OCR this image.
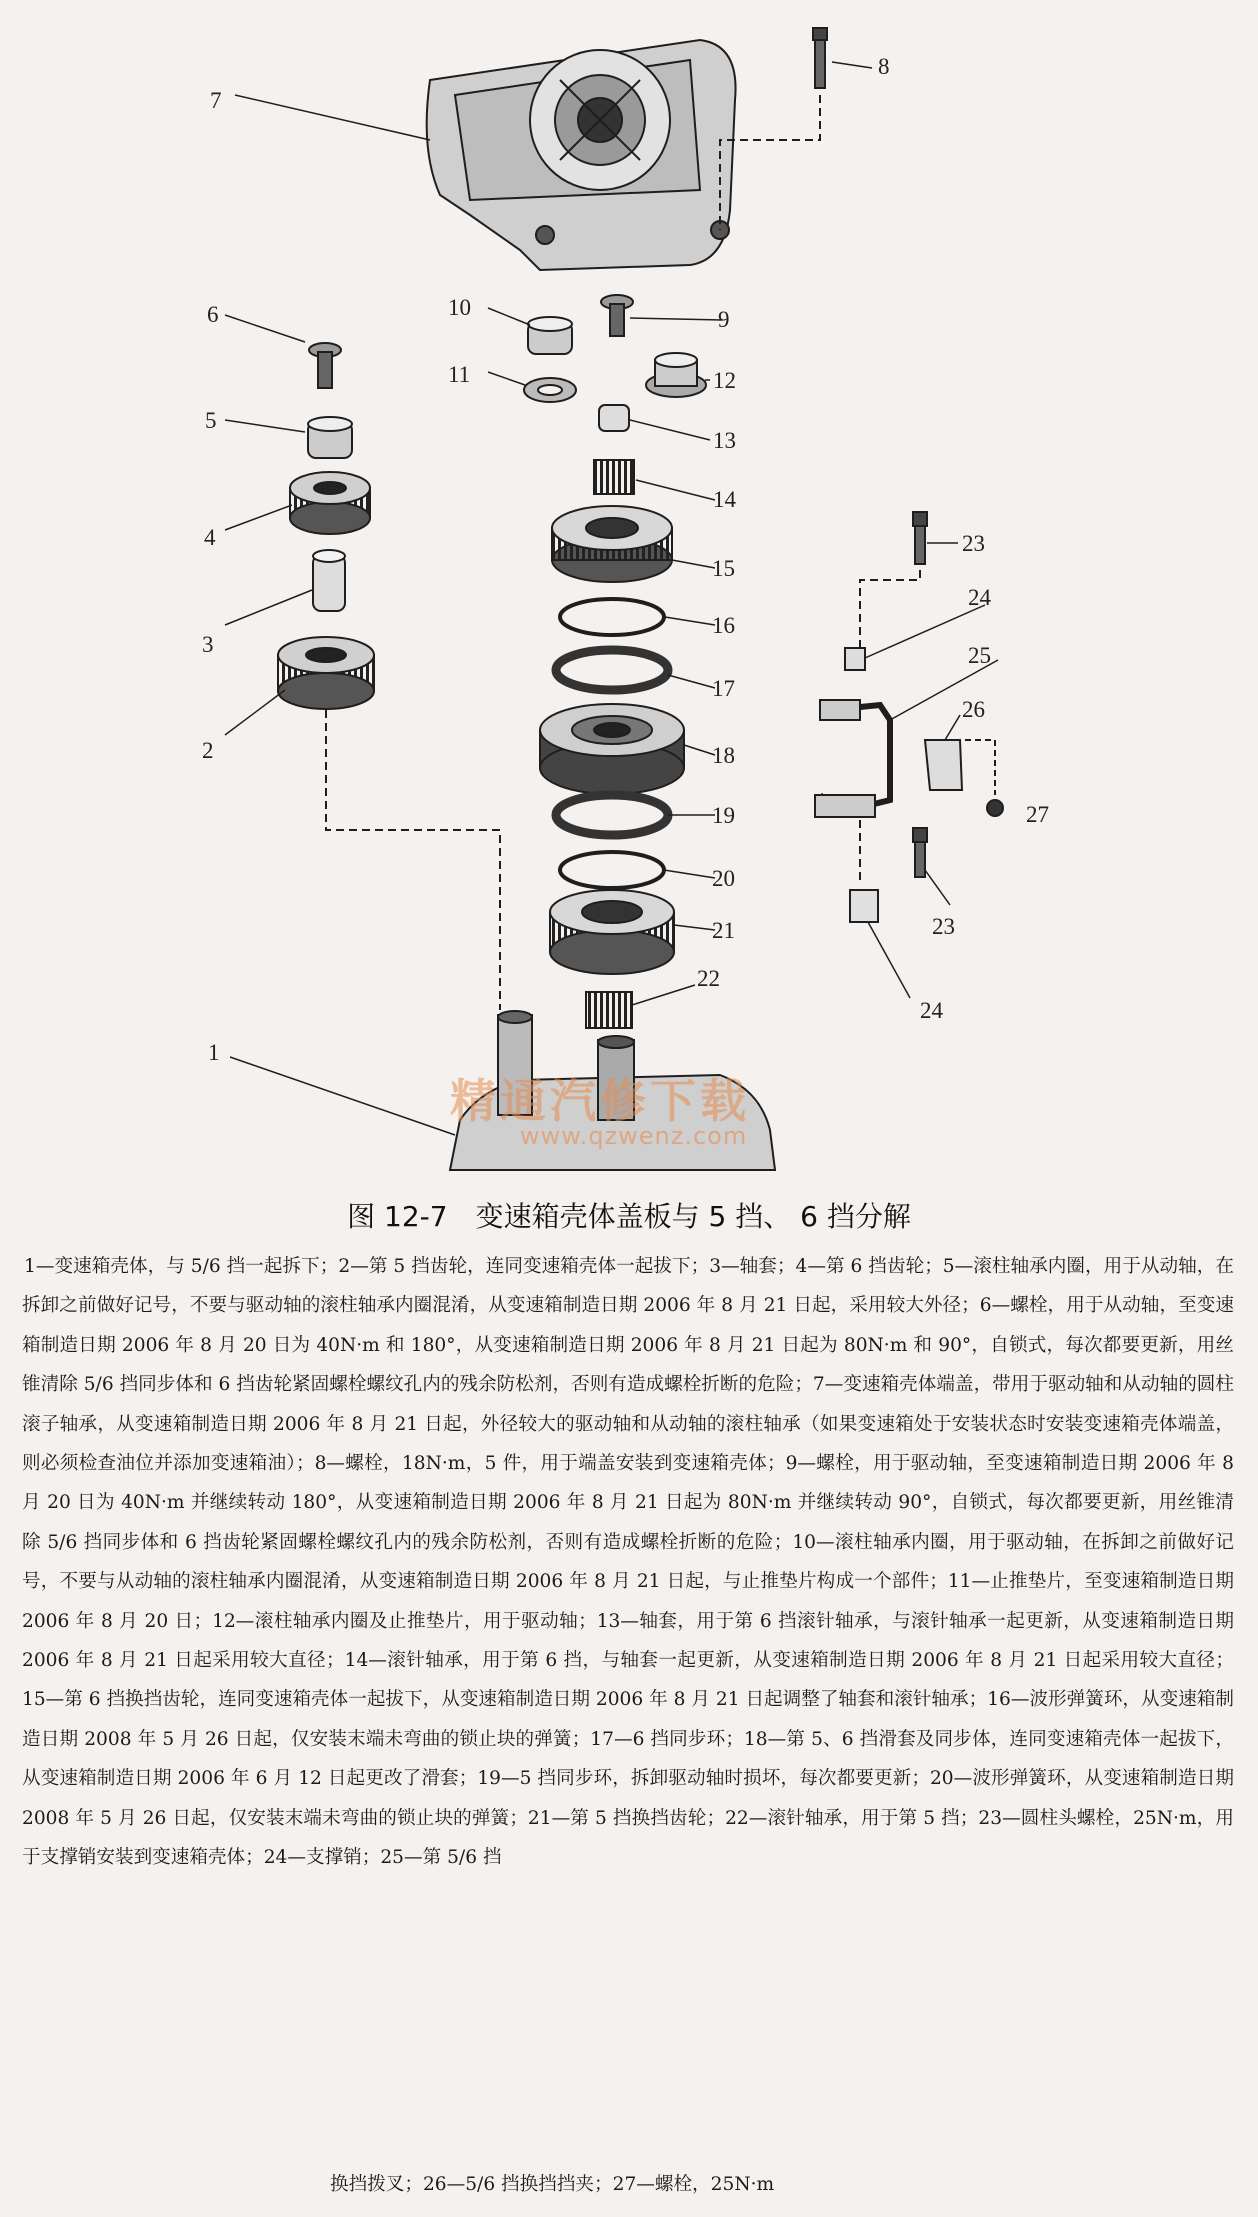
1
2
3
4
5
6
7
8
9
10
11	12
13
14
15
16
17
18
19
20
21
22
23
24
25
26
27
23
24
精通汽修下载
www.qzwenz.com
图 12-7　变速箱壳体盖板与 5 挡、 6 挡分解
1—变速箱壳体，与 5/6 挡一起拆下；2—第 5 挡齿轮，连同变速箱壳体一起拔下；3—轴套；4—第 6 挡齿轮；5—滚柱轴承内圈，用于从动轴，在拆卸之前做好记号，不要与驱动轴的滚柱轴承内圈混淆，从变速箱制造日期 2006 年 8 月 21 日起，采用较大外径；6—螺栓，用于从动轴，至变速箱制造日期 2006 年 8 月 20 日为 40N·m 和 180°，从变速箱制造日期 2006 年 8 月 21 日起为 80N·m 和 90°，自锁式，每次都要更新，用丝锥清除 5/6 挡同步体和 6 挡齿轮紧固螺栓螺纹孔内的残余防松剂，否则有造成螺栓折断的危险；7—变速箱壳体端盖，带用于驱动轴和从动轴的圆柱滚子轴承，从变速箱制造日期 2006 年 8 月 21 日起，外径较大的驱动轴和从动轴的滚柱轴承（如果变速箱处于安装状态时安装变速箱壳体端盖，则必须检查油位并添加变速箱油）；8—螺栓，18N·m，5 件，用于端盖安装到变速箱壳体；9—螺栓，用于驱动轴，至变速箱制造日期 2006 年 8 月 20 日为 40N·m 并继续转动 180°，从变速箱制造日期 2006 年 8 月 21 日起为 80N·m 并继续转动 90°，自锁式，每次都要更新，用丝锥清除 5/6 挡同步体和 6 挡齿轮紧固螺栓螺纹孔内的残余防松剂，否则有造成螺栓折断的危险；10—滚柱轴承内圈，用于驱动轴，在拆卸之前做好记号，不要与从动轴的滚柱轴承内圈混淆，从变速箱制造日期 2006 年 8 月 21 日起，与止推垫片构成一个部件；11—止推垫片，至变速箱制造日期 2006 年 8 月 20 日；12—滚柱轴承内圈及止推垫片，用于驱动轴；13—轴套，用于第 6 挡滚针轴承，与滚针轴承一起更新，从变速箱制造日期 2006 年 8 月 21 日起采用较大直径；14—滚针轴承，用于第 6 挡，与轴套一起更新，从变速箱制造日期 2006 年 8 月 21 日起采用较大直径；15—第 6 挡换挡齿轮，连同变速箱壳体一起拔下，从变速箱制造日期 2006 年 8 月 21 日起调整了轴套和滚针轴承；16—波形弹簧环，从变速箱制造日期 2008 年 5 月 26 日起，仅安装末端未弯曲的锁止块的弹簧；17—6 挡同步环；18—第 5、6 挡滑套及同步体，连同变速箱壳体一起拔下，从变速箱制造日期 2006 年 6 月 12 日起更改了滑套；19—5 挡同步环，拆卸驱动轴时损坏，每次都要更新；20—波形弹簧环，从变速箱制造日期 2008 年 5 月 26 日起，仅安装末端未弯曲的锁止块的弹簧；21—第 5 挡换挡齿轮；22—滚针轴承，用于第 5 挡；23—圆柱头螺栓，25N·m，用于支撑销安装到变速箱壳体；24—支撑销；25—第 5/6 挡
换挡拨叉；26—5/6 挡换挡挡夹；27—螺栓，25N·m
